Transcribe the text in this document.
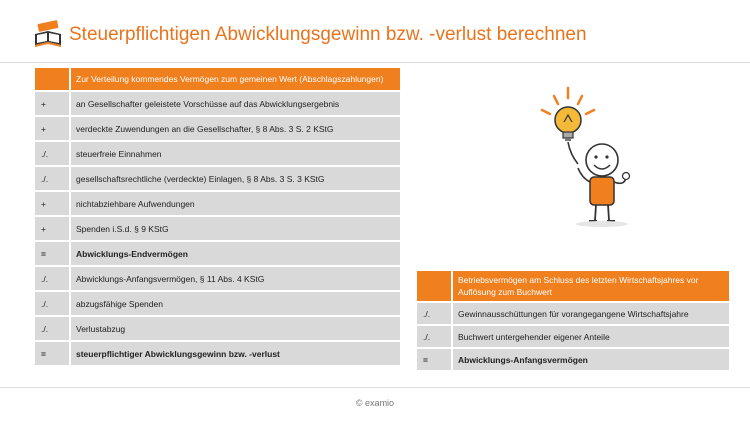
Steuerpflichtigen Abwicklungsgewinn bzw. -verlust berechnen
	Zur Verteilung kommendes Vermögen zum gemeinen Wert (Abschlagszahlungen)
+	an Gesellschafter geleistete Vorschüsse auf das Abwicklungsergebnis
+	verdeckte Zuwendungen an die Gesellschafter, § 8 Abs. 3 S. 2 KStG
./.	steuerfreie Einnahmen
./.	gesellschaftsrechtliche (verdeckte) Einlagen, § 8 Abs. 3 S. 3 KStG
+	nichtabziehbare Aufwendungen
+	Spenden i.S.d. § 9 KStG
=	Abwicklungs-Endvermögen
./.	Abwicklungs-Anfangsvermögen, § 11 Abs. 4 KStG
./.	abzugsfähige Spenden
./.	Verlustabzug
=	steuerpflichtiger Abwicklungsgewinn bzw. -verlust
	Betriebsvermögen am Schluss des letzten Wirtschaftsjahres vor Auflösung zum Buchwert
./.	Gewinnausschüttungen für vorangegangene Wirtschaftsjahre
./.	Buchwert untergehender eigener Anteile
=	Abwicklungs-Anfangsvermögen
© examio
